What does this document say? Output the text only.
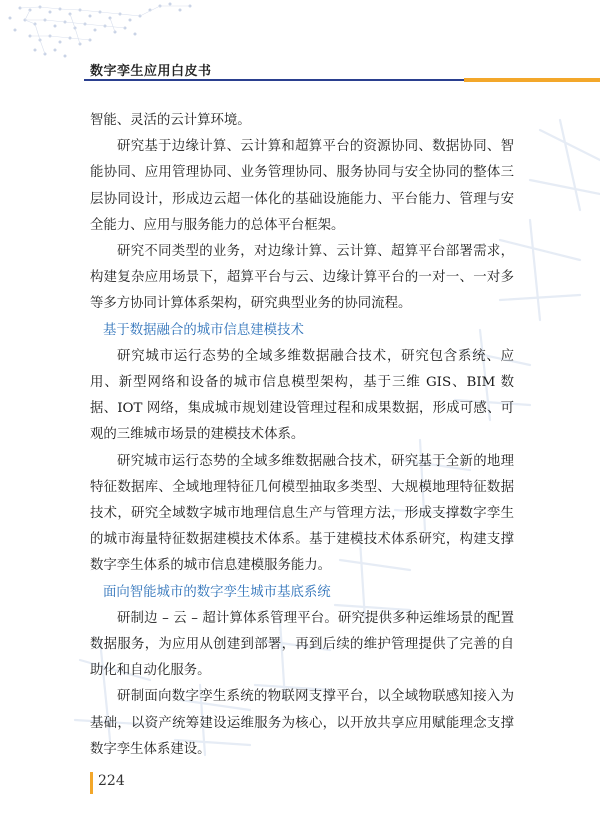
数字孪生应用白皮书

智能、灵活的云计算环境。

研究基于边缘计算、云计算和超算平台的资源协同、数据协同、智能协同、应用管理协同、业务管理协同、服务协同与安全协同的整体三层协同设计，形成边云超一体化的基础设施能力、平台能力、管理与安全能力、应用与服务能力的总体平台框架。

研究不同类型的业务，对边缘计算、云计算、超算平台部署需求，构建复杂应用场景下，超算平台与云、边缘计算平台的一对一、一对多等多方协同计算体系架构，研究典型业务的协同流程。

基于数据融合的城市信息建模技术

研究城市运行态势的全域多维数据融合技术，研究包含系统、应用、新型网络和设备的城市信息模型架构，基于三维 GIS、BIM 数据、IOT 网络，集成城市规划建设管理过程和成果数据，形成可感、可观的三维城市场景的建模技术体系。

研究城市运行态势的全域多维数据融合技术，研究基于全新的地理特征数据库、全域地理特征几何模型抽取多类型、大规模地理特征数据技术，研究全域数字城市地理信息生产与管理方法，形成支撑数字孪生的城市海量特征数据建模技术体系。基于建模技术体系研究，构建支撑数字孪生体系的城市信息建模服务能力。

面向智能城市的数字孪生城市基底系统

研制边 – 云 – 超计算体系管理平台。研究提供多种运维场景的配置数据服务，为应用从创建到部署，再到后续的维护管理提供了完善的自助化和自动化服务。

研制面向数字孪生系统的物联网支撑平台，以全域物联感知接入为基础，以资产统筹建设运维服务为核心，以开放共享应用赋能理念支撑数字孪生体系建设。

224
